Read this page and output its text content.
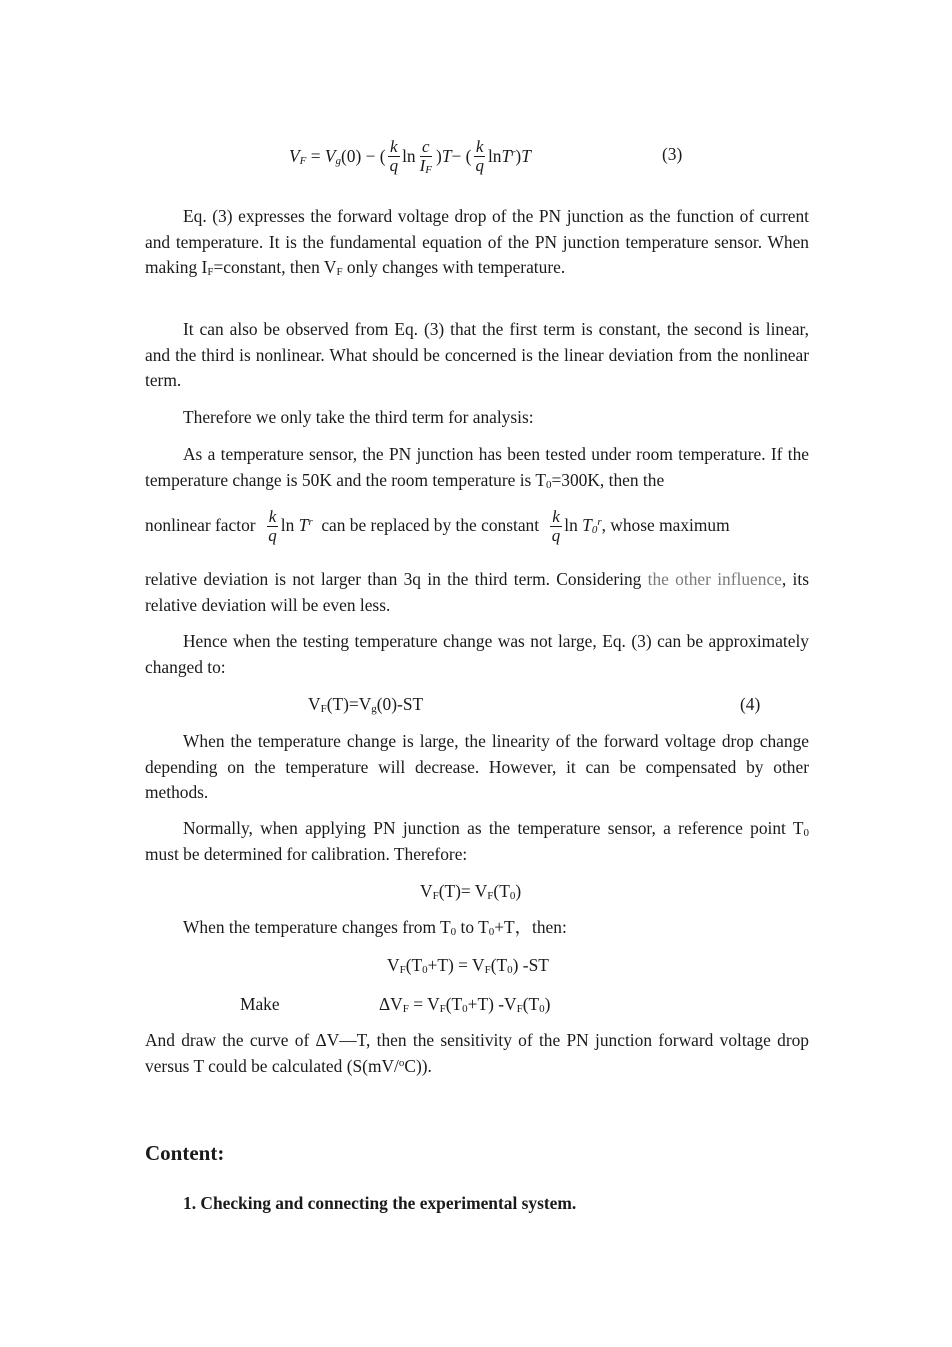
$V_F = V_g$ (0) − ( $\frac{k}{q}$ $\ln \frac{c}{I_F}$ ) T − ( $\frac{k}{q}$ $\ln T^r$ ) T	(3)

Eq. (3) expresses the forward voltage drop of the PN junction as the function of current and temperature. It is the fundamental equation of the PN junction temperature sensor. When making $I_F=constant$, then $V_F$ only changes with temperature.

It can also be observed from Eq. (3) that the first term is constant, the second is linear, and the third is nonlinear. What should be concerned is the linear deviation from the nonlinear term.

Therefore we only take the third term for analysis:

As a temperature sensor, the PN junction has been tested under room temperature. If the temperature change is 50K and the room temperature is $T_0=300K$, then the

nonlinear factor
$\frac{k}{q}$ $\ln T^r$
can be replaced by the constant
$\frac{k}{q}$ $\ln T_0^r$ , whose maximum

relative deviation is not larger than 3q in the third term. Considering the other influence, its relative deviation will be even less.

Hence when the testing temperature change was not large, Eq. (3) can be approximately changed to:

$V_F(T)=V_g(0)-ST$	(4)

When the temperature change is large, the linearity of the forward voltage drop change depending on the temperature will decrease. However, it can be compensated by other methods.

Normally, when applying PN junction as the temperature sensor, a reference point $T_0$ must be determined for calibration. Therefore:

$V_F(T)= V_F(T_0)$

When the temperature changes from $T_0$ to $T_0+T$，then:

$V_F(T_0+T) = V_F(T_0)$ -ST
Make	$\Delta V_F = V_F(T_0+T)$ $-V_F(T_0)$

And draw the curve of ΔV—T, then the sensitivity of the PN junction forward voltage drop versus T could be calculated (S(mV/$^o$C)).

Content:
1. Checking and connecting the experimental system.
